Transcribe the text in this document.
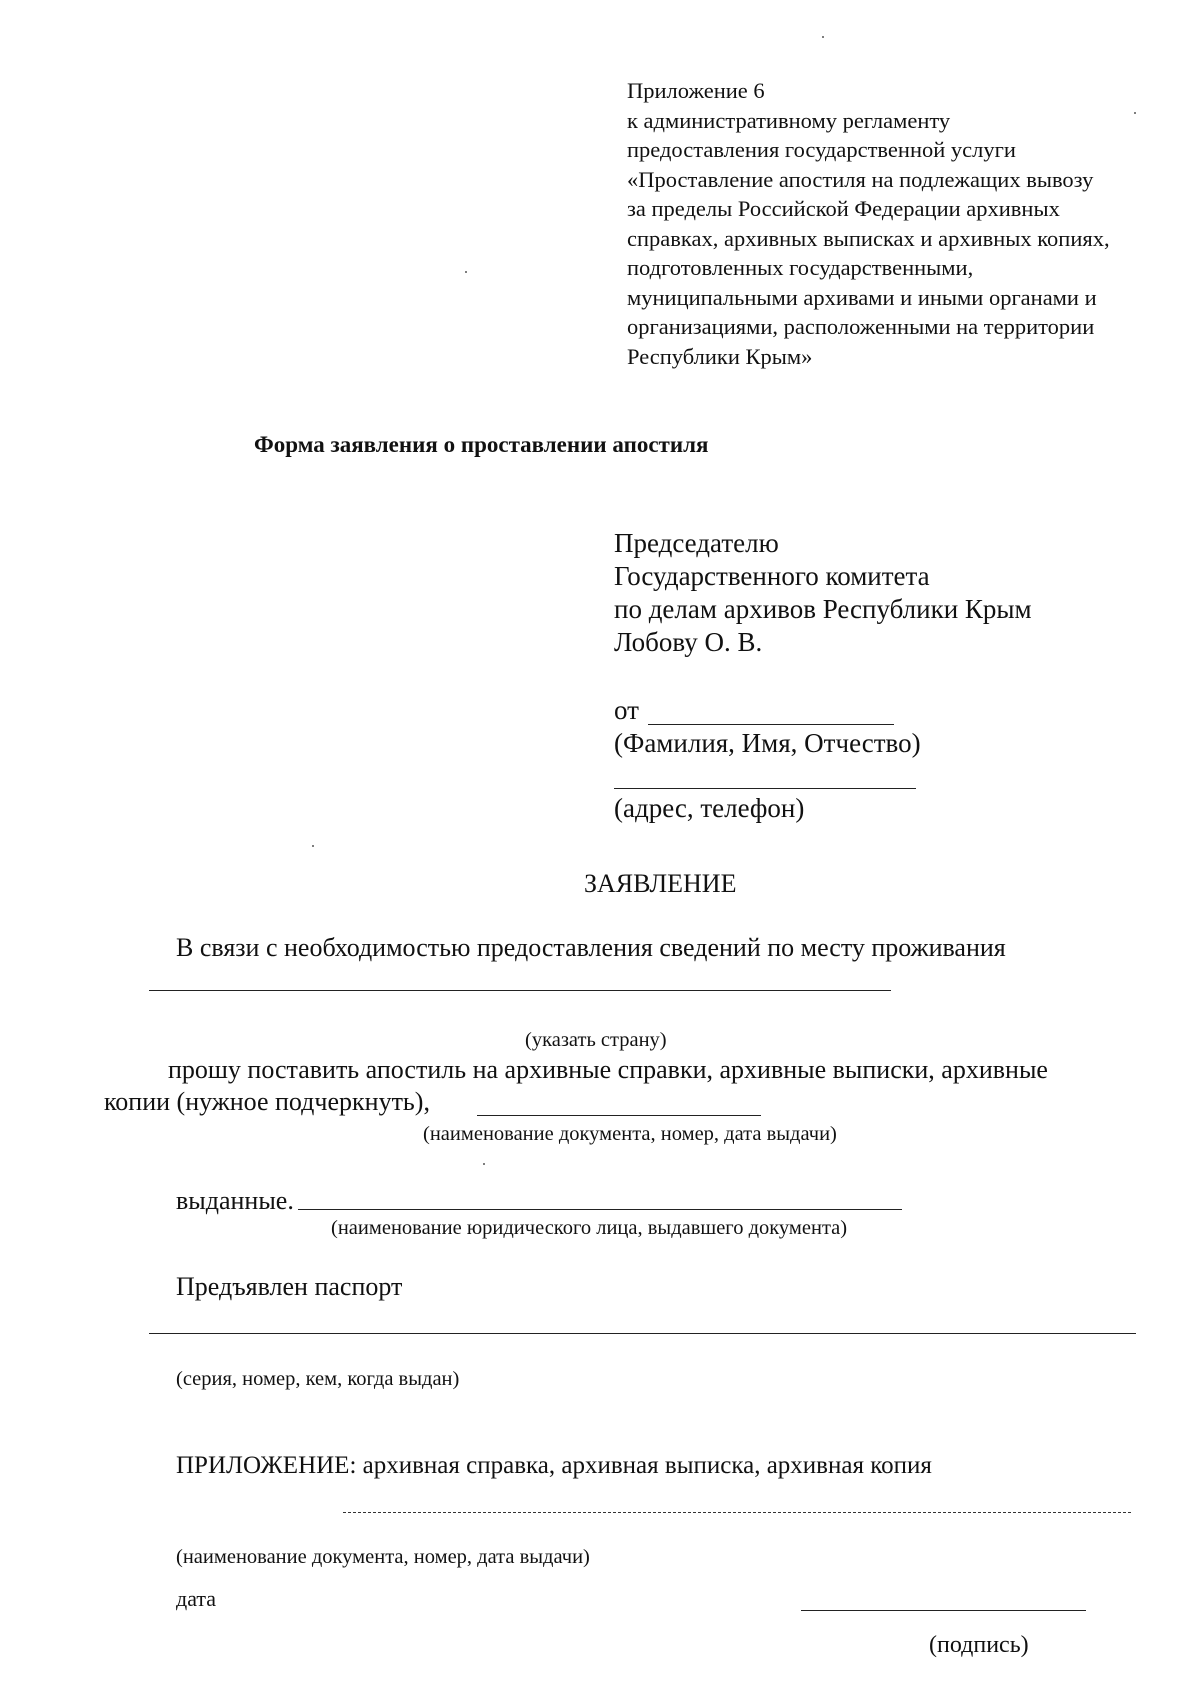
Приложение 6
к административному регламенту
предоставления государственной услуги
«Проставление апостиля на подлежащих вывозу
за пределы Российской Федерации архивных
справках, архивных выписках и архивных копиях,
подготовленных государственными,
муниципальными архивами и иными органами и
организациями, расположенными на территории
Республики Крым»
Форма заявления о проставлении апостиля
Председателю
Государственного комитета
по делам архивов Республики Крым
Лобову О. В.
от
(Фамилия, Имя, Отчество)
(адрес, телефон)
ЗАЯВЛЕНИЕ
В связи с необходимостью предоставления сведений по месту проживания
(указать страну)
прошу поставить апостиль на архивные справки, архивные выписки, архивные
копии (нужное подчеркнуть),
(наименование документа, номер, дата выдачи)
выданные.
(наименование юридического лица, выдавшего документа)
Предъявлен паспорт
(серия, номер, кем, когда выдан)
ПРИЛОЖЕНИЕ: архивная справка, архивная выписка, архивная копия
(наименование документа, номер, дата выдачи)
дата
(подпись)
